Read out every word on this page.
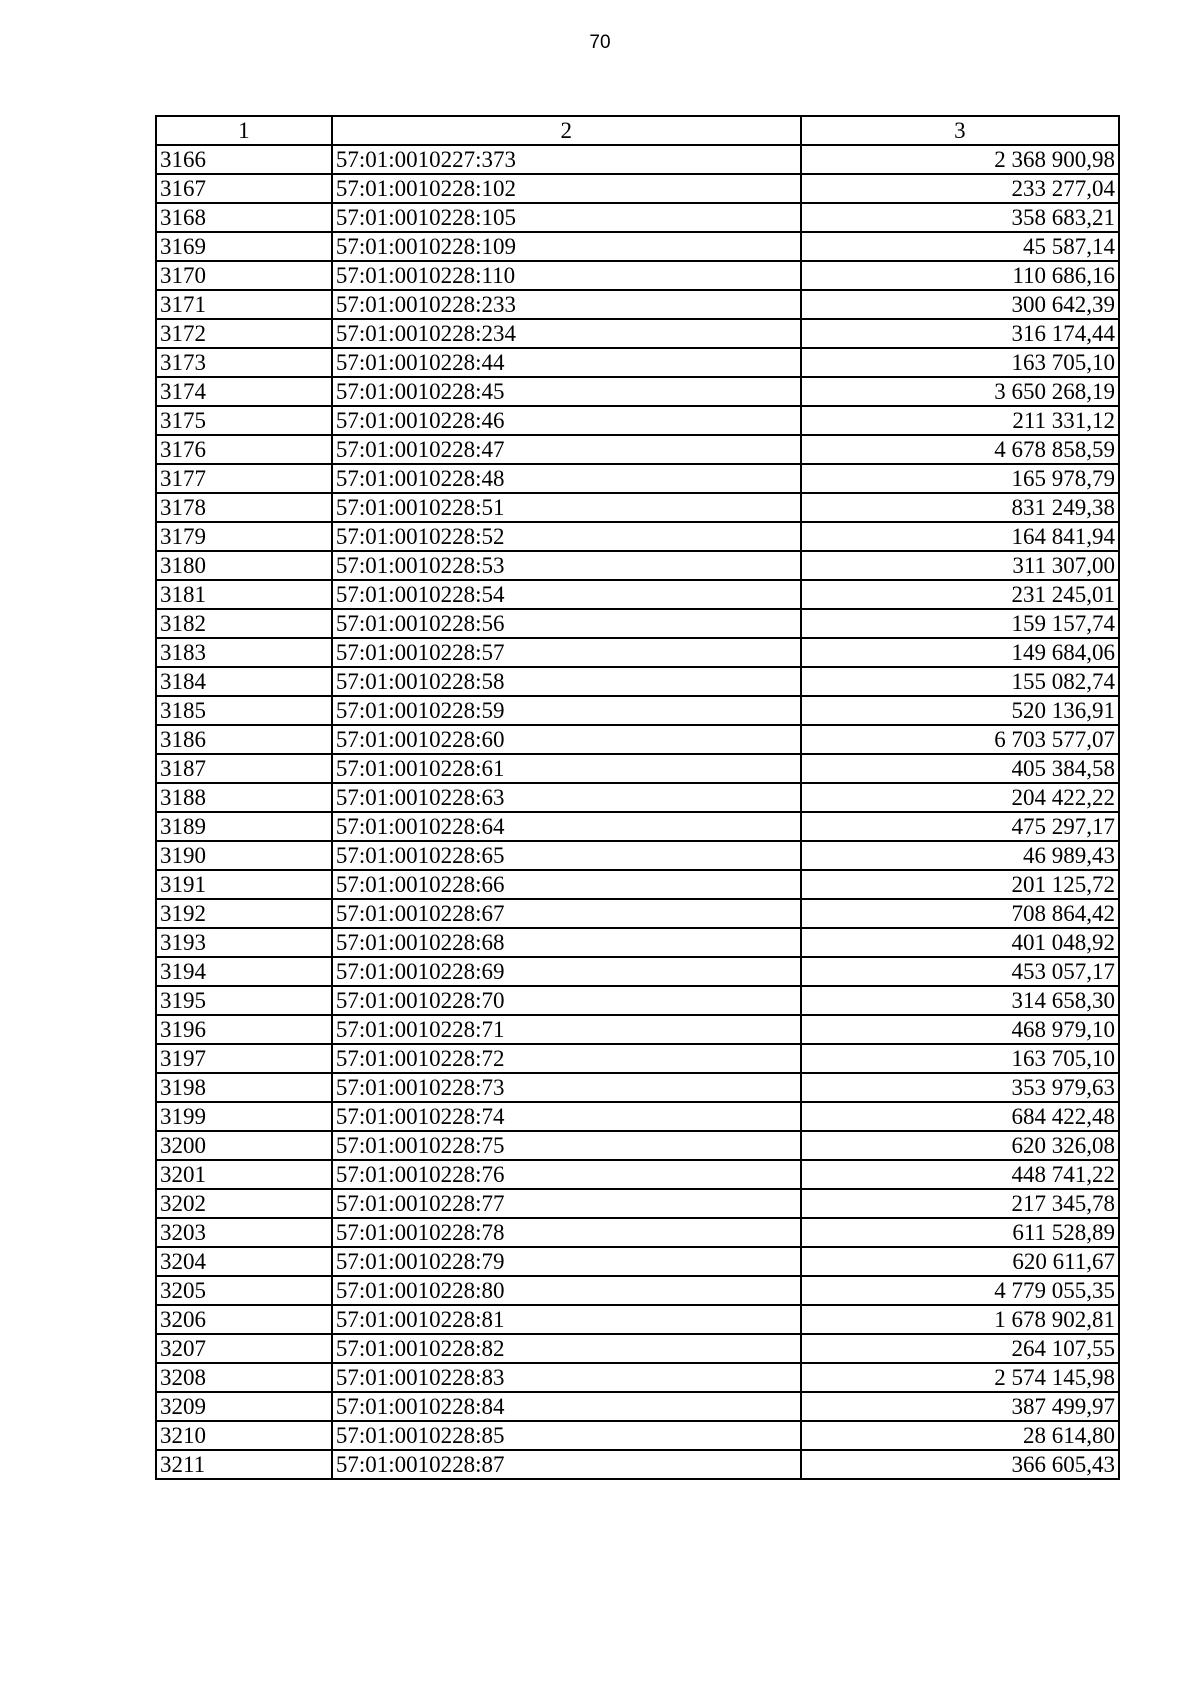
70
1	2	3
3166	57:01:0010227:373	2 368 900,98
3167	57:01:0010228:102	233 277,04
3168	57:01:0010228:105	358 683,21
3169	57:01:0010228:109	45 587,14
3170	57:01:0010228:110	110 686,16
3171	57:01:0010228:233	300 642,39
3172	57:01:0010228:234	316 174,44
3173	57:01:0010228:44	163 705,10
3174	57:01:0010228:45	3 650 268,19
3175	57:01:0010228:46	211 331,12
3176	57:01:0010228:47	4 678 858,59
3177	57:01:0010228:48	165 978,79
3178	57:01:0010228:51	831 249,38
3179	57:01:0010228:52	164 841,94
3180	57:01:0010228:53	311 307,00
3181	57:01:0010228:54	231 245,01
3182	57:01:0010228:56	159 157,74
3183	57:01:0010228:57	149 684,06
3184	57:01:0010228:58	155 082,74
3185	57:01:0010228:59	520 136,91
3186	57:01:0010228:60	6 703 577,07
3187	57:01:0010228:61	405 384,58
3188	57:01:0010228:63	204 422,22
3189	57:01:0010228:64	475 297,17
3190	57:01:0010228:65	46 989,43
3191	57:01:0010228:66	201 125,72
3192	57:01:0010228:67	708 864,42
3193	57:01:0010228:68	401 048,92
3194	57:01:0010228:69	453 057,17
3195	57:01:0010228:70	314 658,30
3196	57:01:0010228:71	468 979,10
3197	57:01:0010228:72	163 705,10
3198	57:01:0010228:73	353 979,63
3199	57:01:0010228:74	684 422,48
3200	57:01:0010228:75	620 326,08
3201	57:01:0010228:76	448 741,22
3202	57:01:0010228:77	217 345,78
3203	57:01:0010228:78	611 528,89
3204	57:01:0010228:79	620 611,67
3205	57:01:0010228:80	4 779 055,35
3206	57:01:0010228:81	1 678 902,81
3207	57:01:0010228:82	264 107,55
3208	57:01:0010228:83	2 574 145,98
3209	57:01:0010228:84	387 499,97
3210	57:01:0010228:85	28 614,80
3211	57:01:0010228:87	366 605,43
